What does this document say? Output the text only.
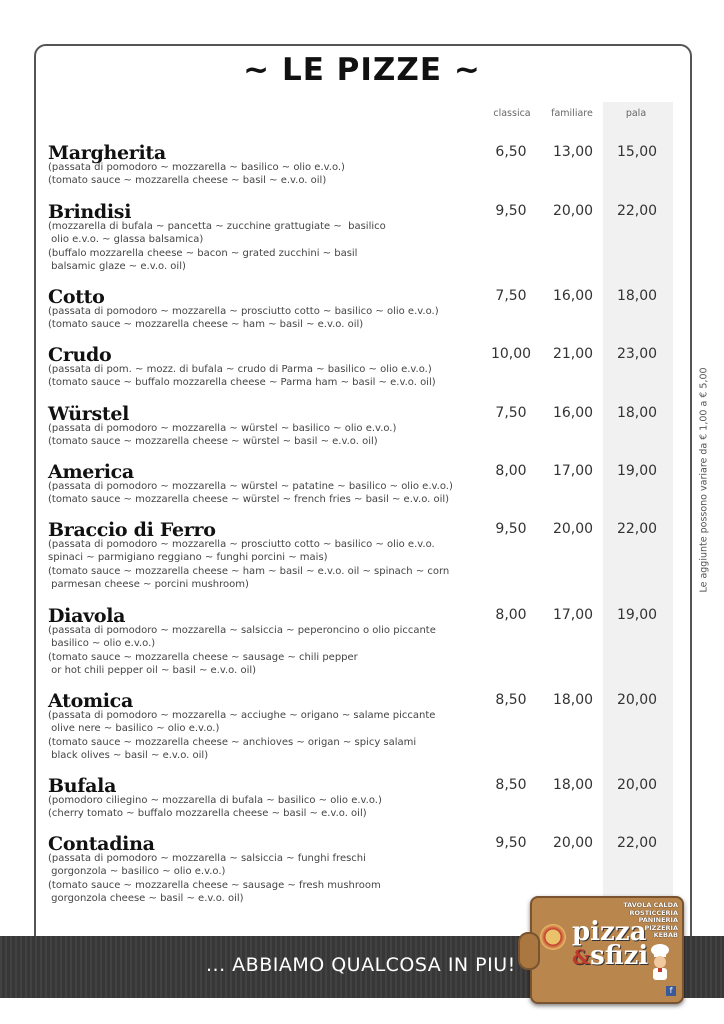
~ LE PIZZE ~
classica	familiare	pala
Margherita
(passata di pomodoro ~ mozzarella ~ basilico ~ olio e.v.o.)
(tomato sauce ~ mozzarella cheese ~ basil ~ e.v.o. oil)
6,50	13,00	15,00
Brindisi
(mozzarella di bufala ~ pancetta ~ zucchine grattugiate ~  basilico
olio e.v.o. ~ glassa balsamica)
(buffalo mozzarella cheese ~ bacon ~ grated zucchini ~ basil
balsamic glaze ~ e.v.o. oil)
9,50	20,00	22,00
Cotto
(passata di pomodoro ~ mozzarella ~ prosciutto cotto ~ basilico ~ olio e.v.o.)
(tomato sauce ~ mozzarella cheese ~ ham ~ basil ~ e.v.o. oil)
7,50	16,00	18,00
Crudo
(passata di pom. ~ mozz. di bufala ~ crudo di Parma ~ basilico ~ olio e.v.o.)
(tomato sauce ~ buffalo mozzarella cheese ~ Parma ham ~ basil ~ e.v.o. oil)
10,00	21,00	23,00
Würstel
(passata di pomodoro ~ mozzarella ~ würstel ~ basilico ~ olio e.v.o.)
(tomato sauce ~ mozzarella cheese ~ würstel ~ basil ~ e.v.o. oil)
7,50	16,00	18,00
America
(passata di pomodoro ~ mozzarella ~ würstel ~ patatine ~ basilico ~ olio e.v.o.)
(tomato sauce ~ mozzarella cheese ~ würstel ~ french fries ~ basil ~ e.v.o. oil)
8,00	17,00	19,00
Braccio di Ferro
(passata di pomodoro ~ mozzarella ~ prosciutto cotto ~ basilico ~ olio e.v.o.
spinaci ~ parmigiano reggiano ~ funghi porcini ~ mais)
(tomato sauce ~ mozzarella cheese ~ ham ~ basil ~ e.v.o. oil ~ spinach ~ corn
parmesan cheese ~ porcini mushroom)
9,50	20,00	22,00
Diavola
(passata di pomodoro ~ mozzarella ~ salsiccia ~ peperoncino o olio piccante
basilico ~ olio e.v.o.)
(tomato sauce ~ mozzarella cheese ~ sausage ~ chili pepper
or hot chili pepper oil ~ basil ~ e.v.o. oil)
8,00	17,00	19,00
Atomica
(passata di pomodoro ~ mozzarella ~ acciughe ~ origano ~ salame piccante
olive nere ~ basilico ~ olio e.v.o.)
(tomato sauce ~ mozzarella cheese ~ anchioves ~ origan ~ spicy salami
black olives ~ basil ~ e.v.o. oil)
8,50	18,00	20,00
Bufala
(pomodoro ciliegino ~ mozzarella di bufala ~ basilico ~ olio e.v.o.)
(cherry tomato ~ buffalo mozzarella cheese ~ basil ~ e.v.o. oil)
8,50	18,00	20,00
Contadina
(passata di pomodoro ~ mozzarella ~ salsiccia ~ funghi freschi
gorgonzola ~ basilico ~ olio e.v.o.)
(tomato sauce ~ mozzarella cheese ~ sausage ~ fresh mushroom
gorgonzola cheese ~ basil ~ e.v.o. oil)
9,50	20,00	22,00
Le aggiunte possono variare da € 1,00 a € 5,00
... ABBIAMO QUALCOSA IN PIU!
TAVOLA CALDA
ROSTICCERIA
PANINERIA
PIZZERIA
KEBAB
pizza
&sfizi
f
